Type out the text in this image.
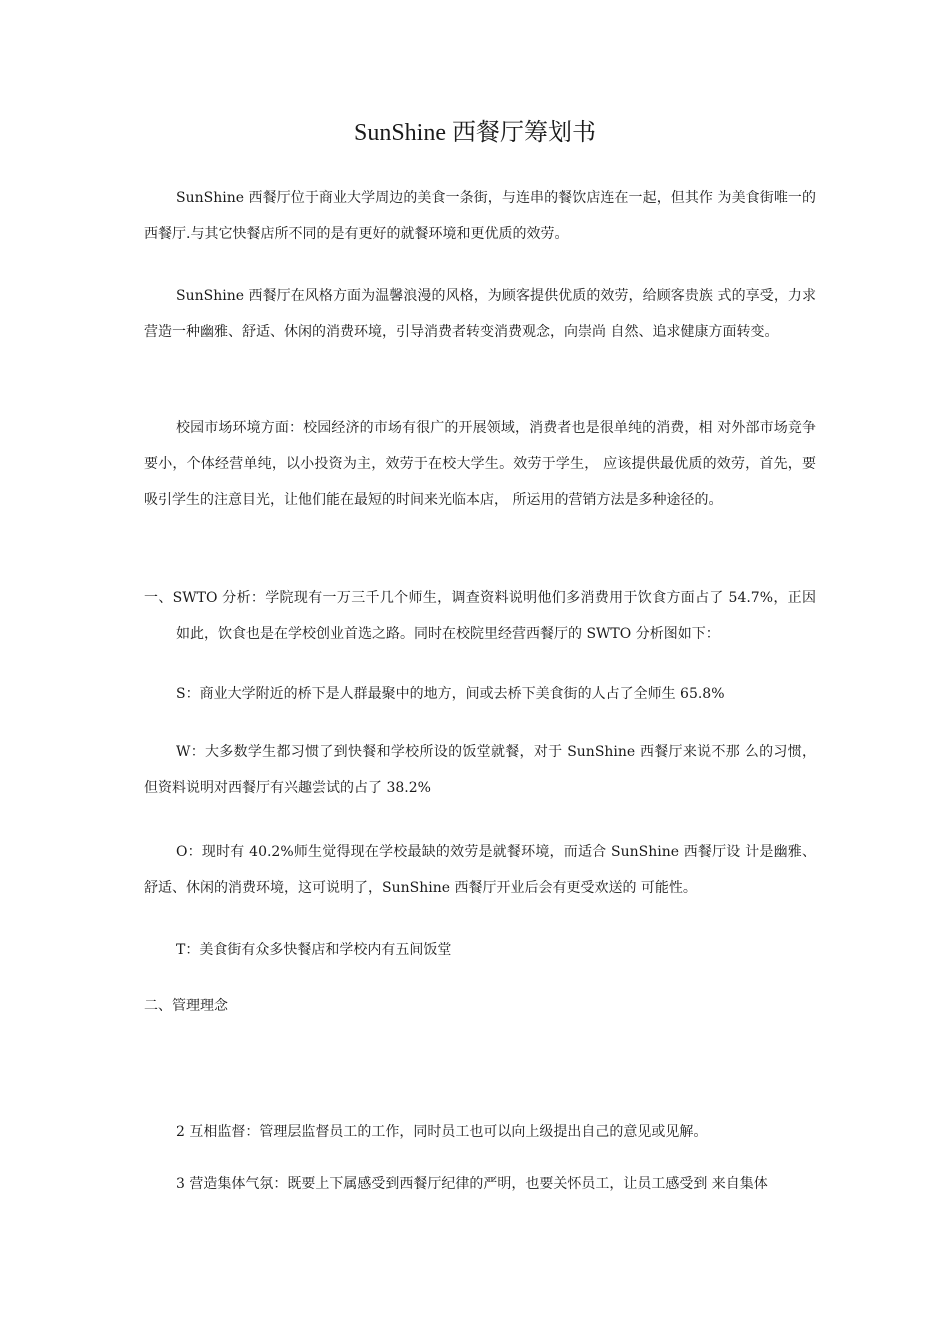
SunShine 西餐厅筹划书

SunShine 西餐厅位于商业大学周边的美食一条街，与连串的餐饮店连在一起，但其作 为美食街唯一的西餐厅.与其它快餐店所不同的是有更好的就餐环境和更优质的效劳。

SunShine 西餐厅在风格方面为温馨浪漫的风格，为顾客提供优质的效劳，给顾客贵族 式的享受，力求营造一种幽雅、舒适、休闲的消费环境，引导消费者转变消费观念，向崇尚 自然、追求健康方面转变。

校园市场环境方面：校园经济的市场有很广的开展领域，消费者也是很单纯的消费，相 对外部市场竞争要小，个体经营单纯，以小投资为主，效劳于在校大学生。效劳于学生， 应该提供最优质的效劳，首先，要吸引学生的注意目光，让他们能在最短的时间来光临本店， 所运用的营销方法是多种途径的。

一、SWTO 分析：学院现有一万三千几个师生，调查资料说明他们多消费用于饮食方面占了 54.7%，正因如此，饮食也是在学校创业首选之路。同时在校院里经营西餐厅的 SWTO 分析图如下：

S：商业大学附近的桥下是人群最聚中的地方，间或去桥下美食街的人占了全师生 65.8%

W：大多数学生都习惯了到快餐和学校所设的饭堂就餐，对于 SunShine 西餐厅来说不那 么的习惯，但资料说明对西餐厅有兴趣尝试的占了 38.2%

O：现时有 40.2%师生觉得现在学校最缺的效劳是就餐环境，而适合 SunShine 西餐厅设 计是幽雅、舒适、休闲的消费环境，这可说明了，SunShine 西餐厅开业后会有更受欢送的 可能性。

T：美食街有众多快餐店和学校内有五间饭堂

二、管理理念

2 互相监督：管理层监督员工的工作，同时员工也可以向上级提出自己的意见或见解。

3 营造集体气氛：既要上下属感受到西餐厅纪律的严明，也要关怀员工，让员工感受到 来自集体
